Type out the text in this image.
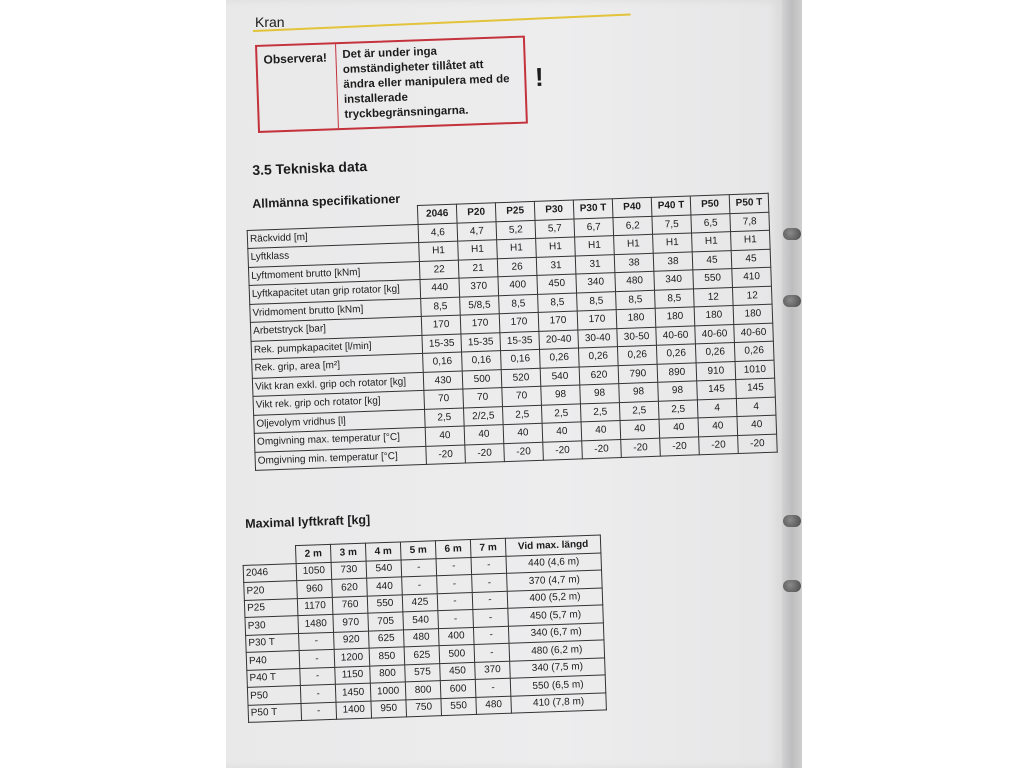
Kran
Observera! Det är under inga omständigheter tillåtet att ändra eller manipulera med de installerade tryckbegränsningarna.
!
3.5 Tekniska data
Allmänna specifikationer
	2046	P20	P25	P30	P30 T	P40	P40 T	P50	P50 T
Räckvidd [m]	4,6	4,7	5,2	5,7	6,7	6,2	7,5	6,5	7,8
Lyftklass	H1	H1	H1	H1	H1	H1	H1	H1	H1
Lyftmoment brutto [kNm]	22	21	26	31	31	38	38	45	45
Lyftkapacitet utan grip rotator [kg]	440	370	400	450	340	480	340	550	410
Vridmoment brutto [kNm]	8,5	5/8,5	8,5	8,5	8,5	8,5	8,5	12	12
Arbetstryck [bar]	170	170	170	170	170	180	180	180	180
Rek. pumpkapacitet [l/min]	15-35	15-35	15-35	20-40	30-40	30-50	40-60	40-60	40-60
Rek. grip, area [m²]	0,16	0,16	0,16	0,26	0,26	0,26	0,26	0,26	0,26
Vikt kran exkl. grip och rotator [kg]	430	500	520	540	620	790	890	910	1010
Vikt rek. grip och rotator [kg]	70	70	70	98	98	98	98	145	145
Oljevolym vridhus [l]	2,5	2/2,5	2,5	2,5	2,5	2,5	2,5	4	4
Omgivning max. temperatur [°C]	40	40	40	40	40	40	40	40	40
Omgivning min. temperatur [°C]	-20	-20	-20	-20	-20	-20	-20	-20	-20
Maximal lyftkraft [kg]
	2 m	3 m	4 m	5 m	6 m	7 m	Vid max. längd
2046	1050	730	540	-	-	-	440 (4,6 m)
P20	960	620	440	-	-	-	370 (4,7 m)
P25	1170	760	550	425	-	-	400 (5,2 m)
P30	1480	970	705	540	-	-	450 (5,7 m)
P30 T	-	920	625	480	400	-	340 (6,7 m)
P40	-	1200	850	625	500	-	480 (6,2 m)
P40 T	-	1150	800	575	450	370	340 (7,5 m)
P50	-	1450	1000	800	600	-	550 (6,5 m)
P50 T	-	1400	950	750	550	480	410 (7,8 m)
